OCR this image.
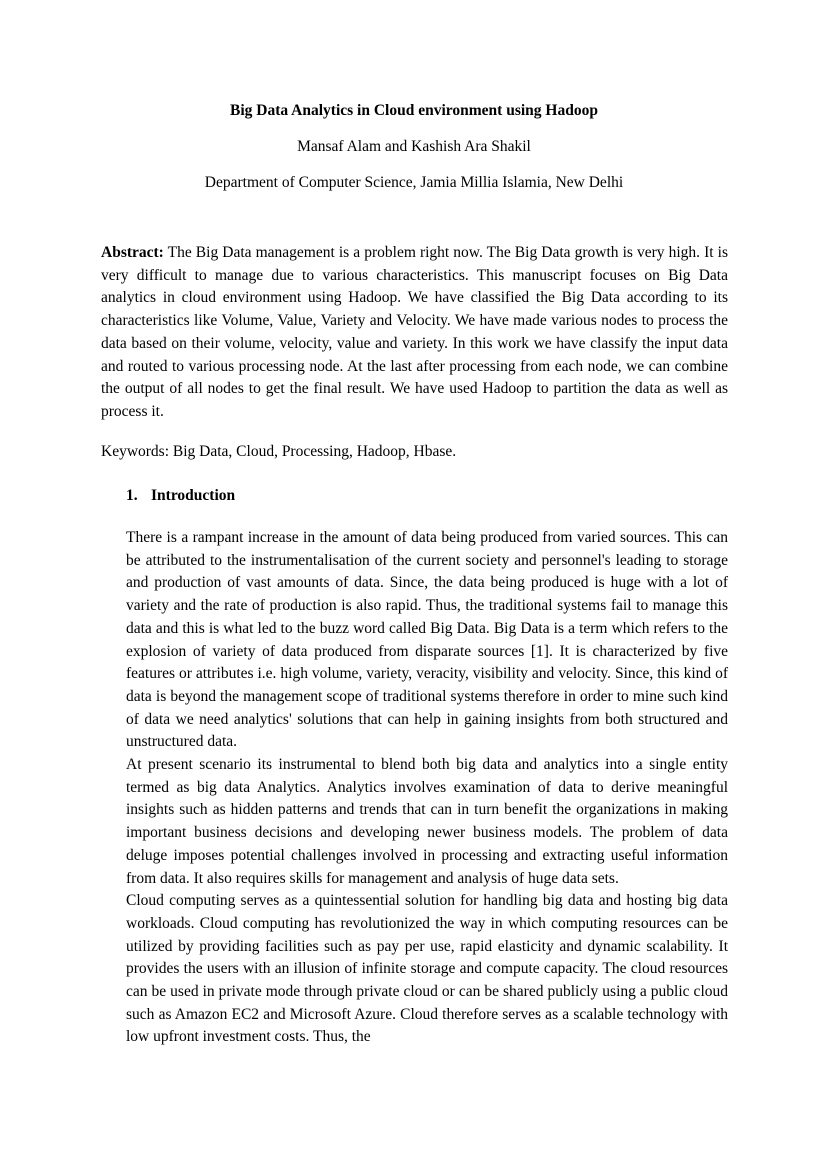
Big Data Analytics in Cloud environment using Hadoop
Mansaf Alam and Kashish Ara Shakil
Department of Computer Science, Jamia Millia Islamia, New Delhi

Abstract: The Big Data management is a problem right now. The Big Data growth is very high. It is very difficult to manage due to various characteristics. This manuscript focuses on Big Data analytics in cloud environment using Hadoop. We have classified the Big Data according to its characteristics like Volume, Value, Variety and Velocity. We have made various nodes to process the data based on their volume, velocity, value and variety. In this work we have classify the input data and routed to various processing node. At the last after processing from each node, we can combine the output of all nodes to get the final result. We have used Hadoop to partition the data as well as process it.

Keywords: Big Data, Cloud, Processing, Hadoop, Hbase.

1. Introduction

There is a rampant increase in the amount of data being produced from varied sources. This can be attributed to the instrumentalisation of the current society and personnel's leading to storage and production of vast amounts of data. Since, the data being produced is huge with a lot of variety and the rate of production is also rapid. Thus, the traditional systems fail to manage this data and this is what led to the buzz word called Big Data. Big Data is a term which refers to the explosion of variety of data produced from disparate sources [1]. It is characterized by five features or attributes i.e. high volume, variety, veracity, visibility and velocity. Since, this kind of data is beyond the management scope of traditional systems therefore in order to mine such kind of data we need analytics' solutions that can help in gaining insights from both structured and unstructured data.

At present scenario its instrumental to blend both big data and analytics into a single entity termed as big data Analytics. Analytics involves examination of data to derive meaningful insights such as hidden patterns and trends that can in turn benefit the organizations in making important business decisions and developing newer business models. The problem of data deluge imposes potential challenges involved in processing and extracting useful information from data. It also requires skills for management and analysis of huge data sets.

Cloud computing serves as a quintessential solution for handling big data and hosting big data workloads. Cloud computing has revolutionized the way in which computing resources can be utilized by providing facilities such as pay per use, rapid elasticity and dynamic scalability. It provides the users with an illusion of infinite storage and compute capacity. The cloud resources can be used in private mode through private cloud or can be shared publicly using a public cloud such as Amazon EC2 and Microsoft Azure. Cloud therefore serves as a scalable technology with low upfront investment costs. Thus, the
